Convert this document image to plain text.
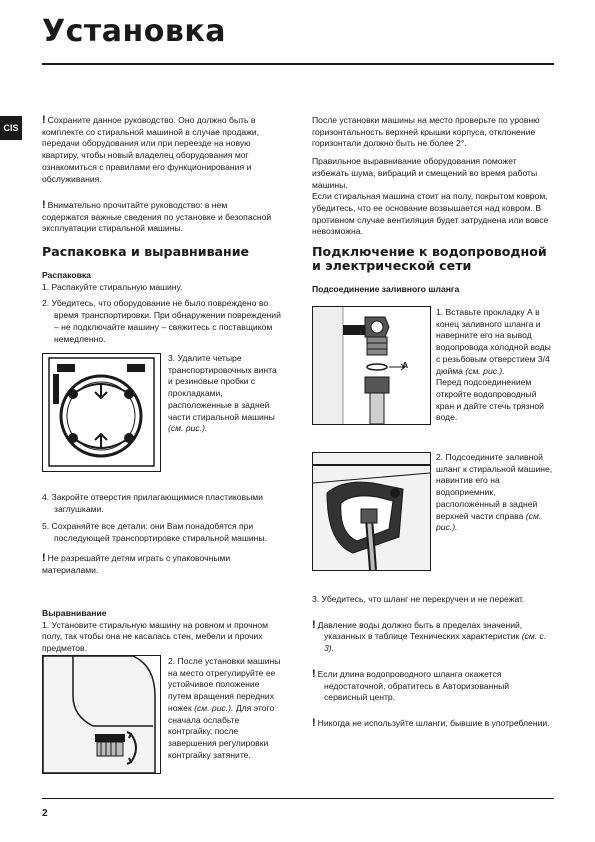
Установка
CIS

! Сохраните данное руководство. Оно должно быть в комплекте со стиральной машиной в случае продажи, передачи оборудования или при переезде на новую квартиру, чтобы новый владелец оборудования мог ознакомиться с правилами его функционирования и обслуживания.

! Внимательно прочитайте руководство: в нем содержатся важные сведения по установке и безопасной эксплуатации стиральной машины.

Распаковка и выравнивание

Распаковка

1. Распакуйте стиральную машину.

2. Убедитесь, что оборудование не было повреждено во время транспортировки. При обнаружении повреждений – не подключайте машину – свяжитесь с поставщиком немедленно.

3. Удалите четыре транспортировочных винта и резиновые пробки с прокладками, расположенные в задней части стиральной машины (см. рис.).

4. Закройте отверстия прилагающимися пластиковыми заглушками.

5. Сохраняйте все детали: они Вам понадобятся при последующей транспортировке стиральной машины.

! Не разрешайте детям играть с упаковочными материалами.

Выравнивание

1. Установите стиральную машину на ровном и прочном полу, так чтобы она не касалась стен, мебели и прочих предметов.

2. После установки машины на место отрегулируйте ее устойчивое положение путем вращения передних ножек (см. рис.). Для этого сначала ослабьте контргайку, после завершения регулировки контргайку затяните.

После установки машины на место проверьте по уровню горизонтальность верхней крышки корпуса, отклонение горизонтали должно быть не более 2°.

Правильное выравнивание оборудования поможет избежать шума, вибраций и смещений во время работы машины.

Если стиральная машина стоит на полу, покрытом ковром, убедитесь, что ее основание возвышается над ковром. В противном случае вентиляция будет затруднена или вовсе невозможна.

Подключение к водопроводной и электрической сети
Подсоединение заливного шланга
A

1. Вставьте прокладку А в конец заливного шланга и наверните его на вывод водопровода холодной воды с резьбовым отверстием 3/4 дюйма (см. рис.).

Перед подсоединением откройте водопроводный кран и дайте стечь грязной воде.

2. Подсоедините заливной шланг к стиральной машине, навинтив его на водоприемник, расположенный в задней верхней части справа (см. рис.).

3. Убедитесь, что шланг не перекручен и не пережат.

! Давление воды должно быть в пределах значений, указанных в таблице Технических характеристик (см. с. 3).

! Если длина водопроводного шланга окажется недостаточной, обратитесь в Авторизованный сервисный центр.

! Никогда не используйте шланги, бывшие в употреблении.

2
